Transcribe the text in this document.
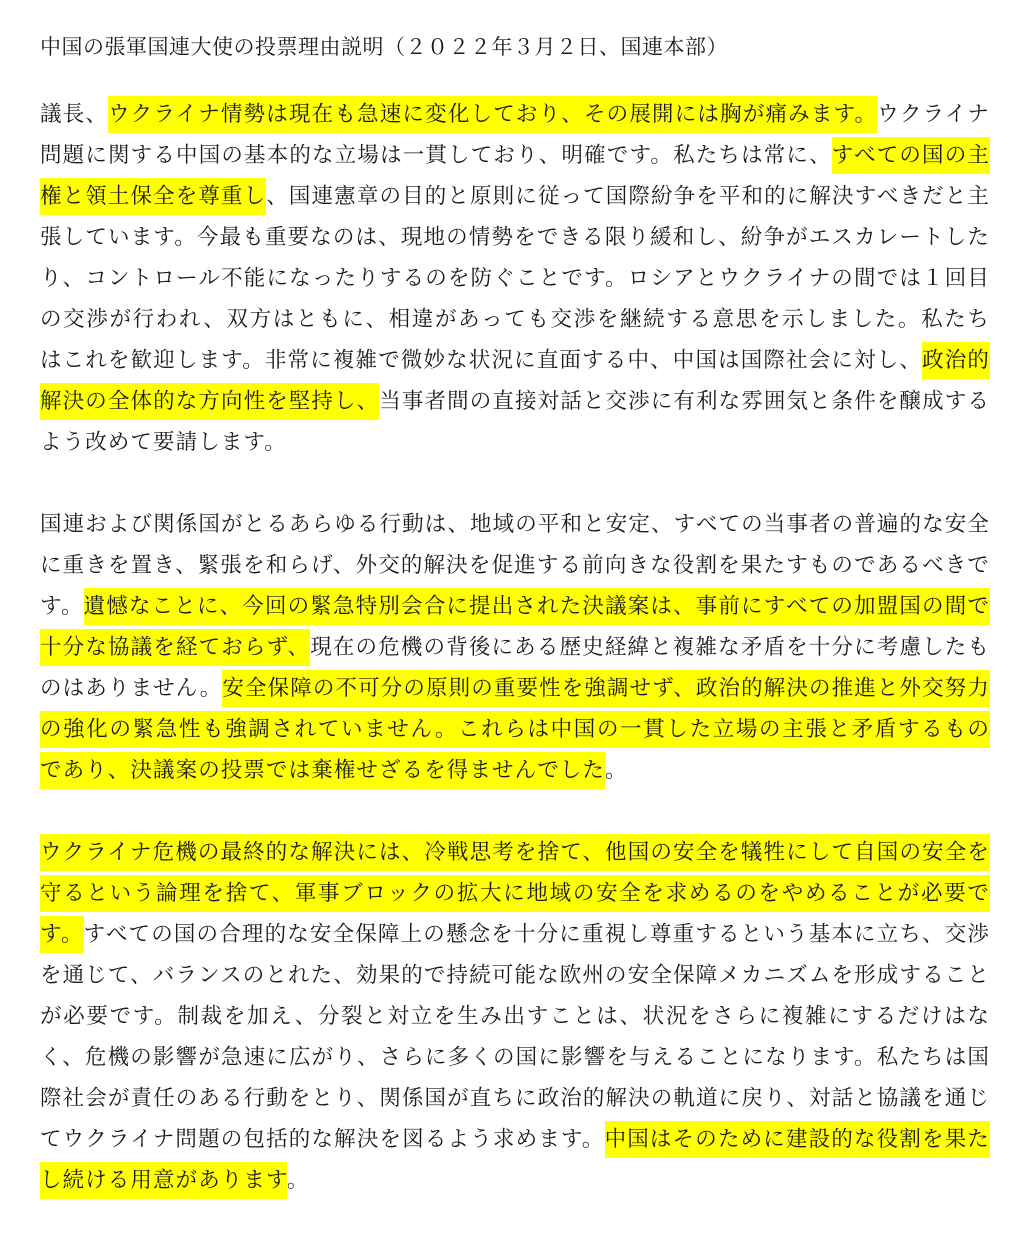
中国の張軍国連大使の投票理由説明（２０２２年３月２日、国連本部）

議長、ウクライナ情勢は現在も急速に変化しており、その展開には胸が痛みます。ウクライナ問題に関する中国の基本的な立場は一貫しており、明確です。私たちは常に、すべての国の主権と領土保全を尊重し、国連憲章の目的と原則に従って国際紛争を平和的に解決すべきだと主張しています。今最も重要なのは、現地の情勢をできる限り緩和し、紛争がエスカレートしたり、コントロール不能になったりするのを防ぐことです。ロシアとウクライナの間では１回目の交渉が行われ、双方はともに、相違があっても交渉を継続する意思を示しました。私たちはこれを歓迎します。非常に複雑で微妙な状況に直面する中、中国は国際社会に対し、政治的解決の全体的な方向性を堅持し、当事者間の直接対話と交渉に有利な雰囲気と条件を醸成するよう改めて要請します。

国連および関係国がとるあらゆる行動は、地域の平和と安定、すべての当事者の普遍的な安全に重きを置き、緊張を和らげ、外交的解決を促進する前向きな役割を果たすものであるべきです。遺憾なことに、今回の緊急特別会合に提出された決議案は、事前にすべての加盟国の間で十分な協議を経ておらず、現在の危機の背後にある歴史経緯と複雑な矛盾を十分に考慮したものはありません。安全保障の不可分の原則の重要性を強調せず、政治的解決の推進と外交努力の強化の緊急性も強調されていません。これらは中国の一貫した立場の主張と矛盾するものであり、決議案の投票では棄権せざるを得ませんでした。

ウクライナ危機の最終的な解決には、冷戦思考を捨て、他国の安全を犠牲にして自国の安全を守るという論理を捨て、軍事ブロックの拡大に地域の安全を求めるのをやめることが必要です。すべての国の合理的な安全保障上の懸念を十分に重視し尊重するという基本に立ち、交渉を通じて、バランスのとれた、効果的で持続可能な欧州の安全保障メカニズムを形成することが必要です。制裁を加え、分裂と対立を生み出すことは、状況をさらに複雑にするだけはなく、危機の影響が急速に広がり、さらに多くの国に影響を与えることになります。私たちは国際社会が責任のある行動をとり、関係国が直ちに政治的解決の軌道に戻り、対話と協議を通じてウクライナ問題の包括的な解決を図るよう求めます。中国はそのために建設的な役割を果たし続ける用意があります。
